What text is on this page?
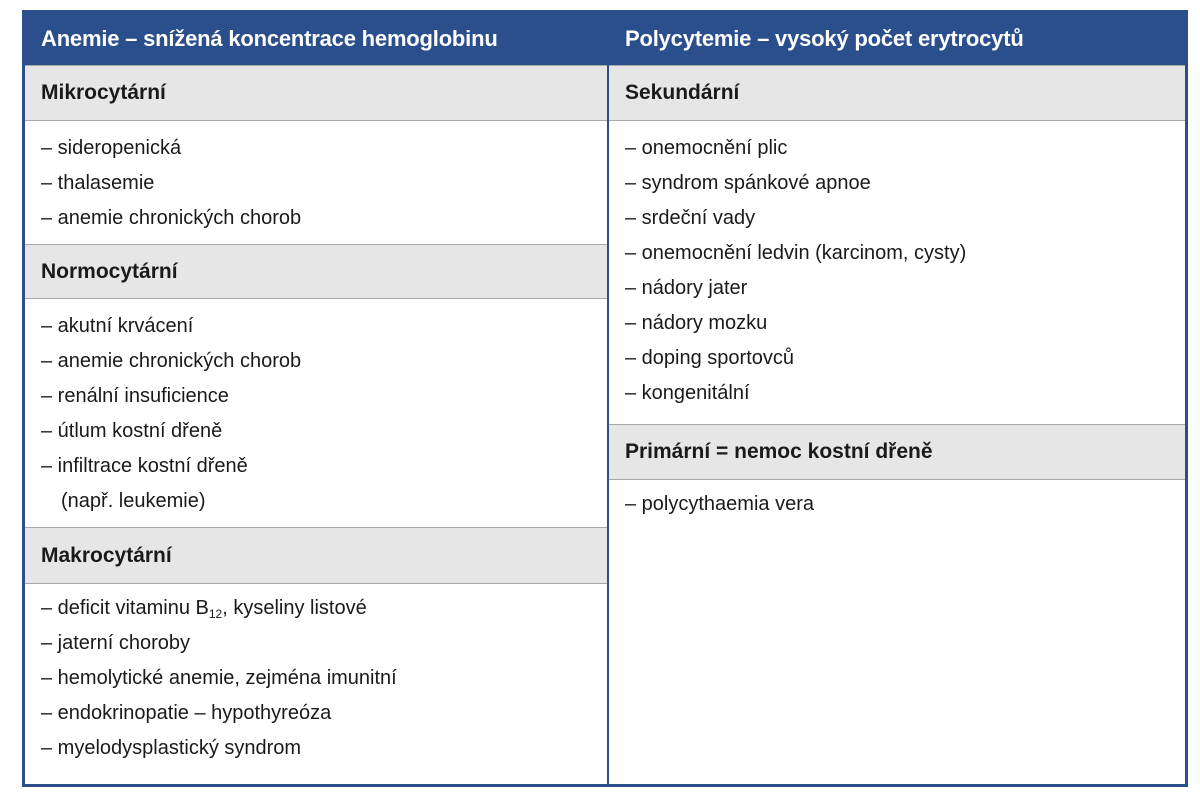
Anemie – snížená koncentrace hemoglobinu
Mikrocytární
– sideropenická
– thalasemie
– anemie chronických chorob
Normocytární
– akutní krvácení
– anemie chronických chorob
– renální insuficience
– útlum kostní dřeně
– infiltrace kostní dřeně
(např. leukemie)
Makrocytární
– deficit vitaminu $B_{12}$, kyseliny listové
– jaterní choroby
– hemolytické anemie, zejména imunitní
– endokrinopatie – hypothyreóza
– myelodysplastický syndrom
Polycytemie – vysoký počet erytrocytů
Sekundární
– onemocnění plic
– syndrom spánkové apnoe
– srdeční vady
– onemocnění ledvin (karcinom, cysty)
– nádory jater
– nádory mozku
– doping sportovců
– kongenitální
Primární = nemoc kostní dřeně
– polycythaemia vera
